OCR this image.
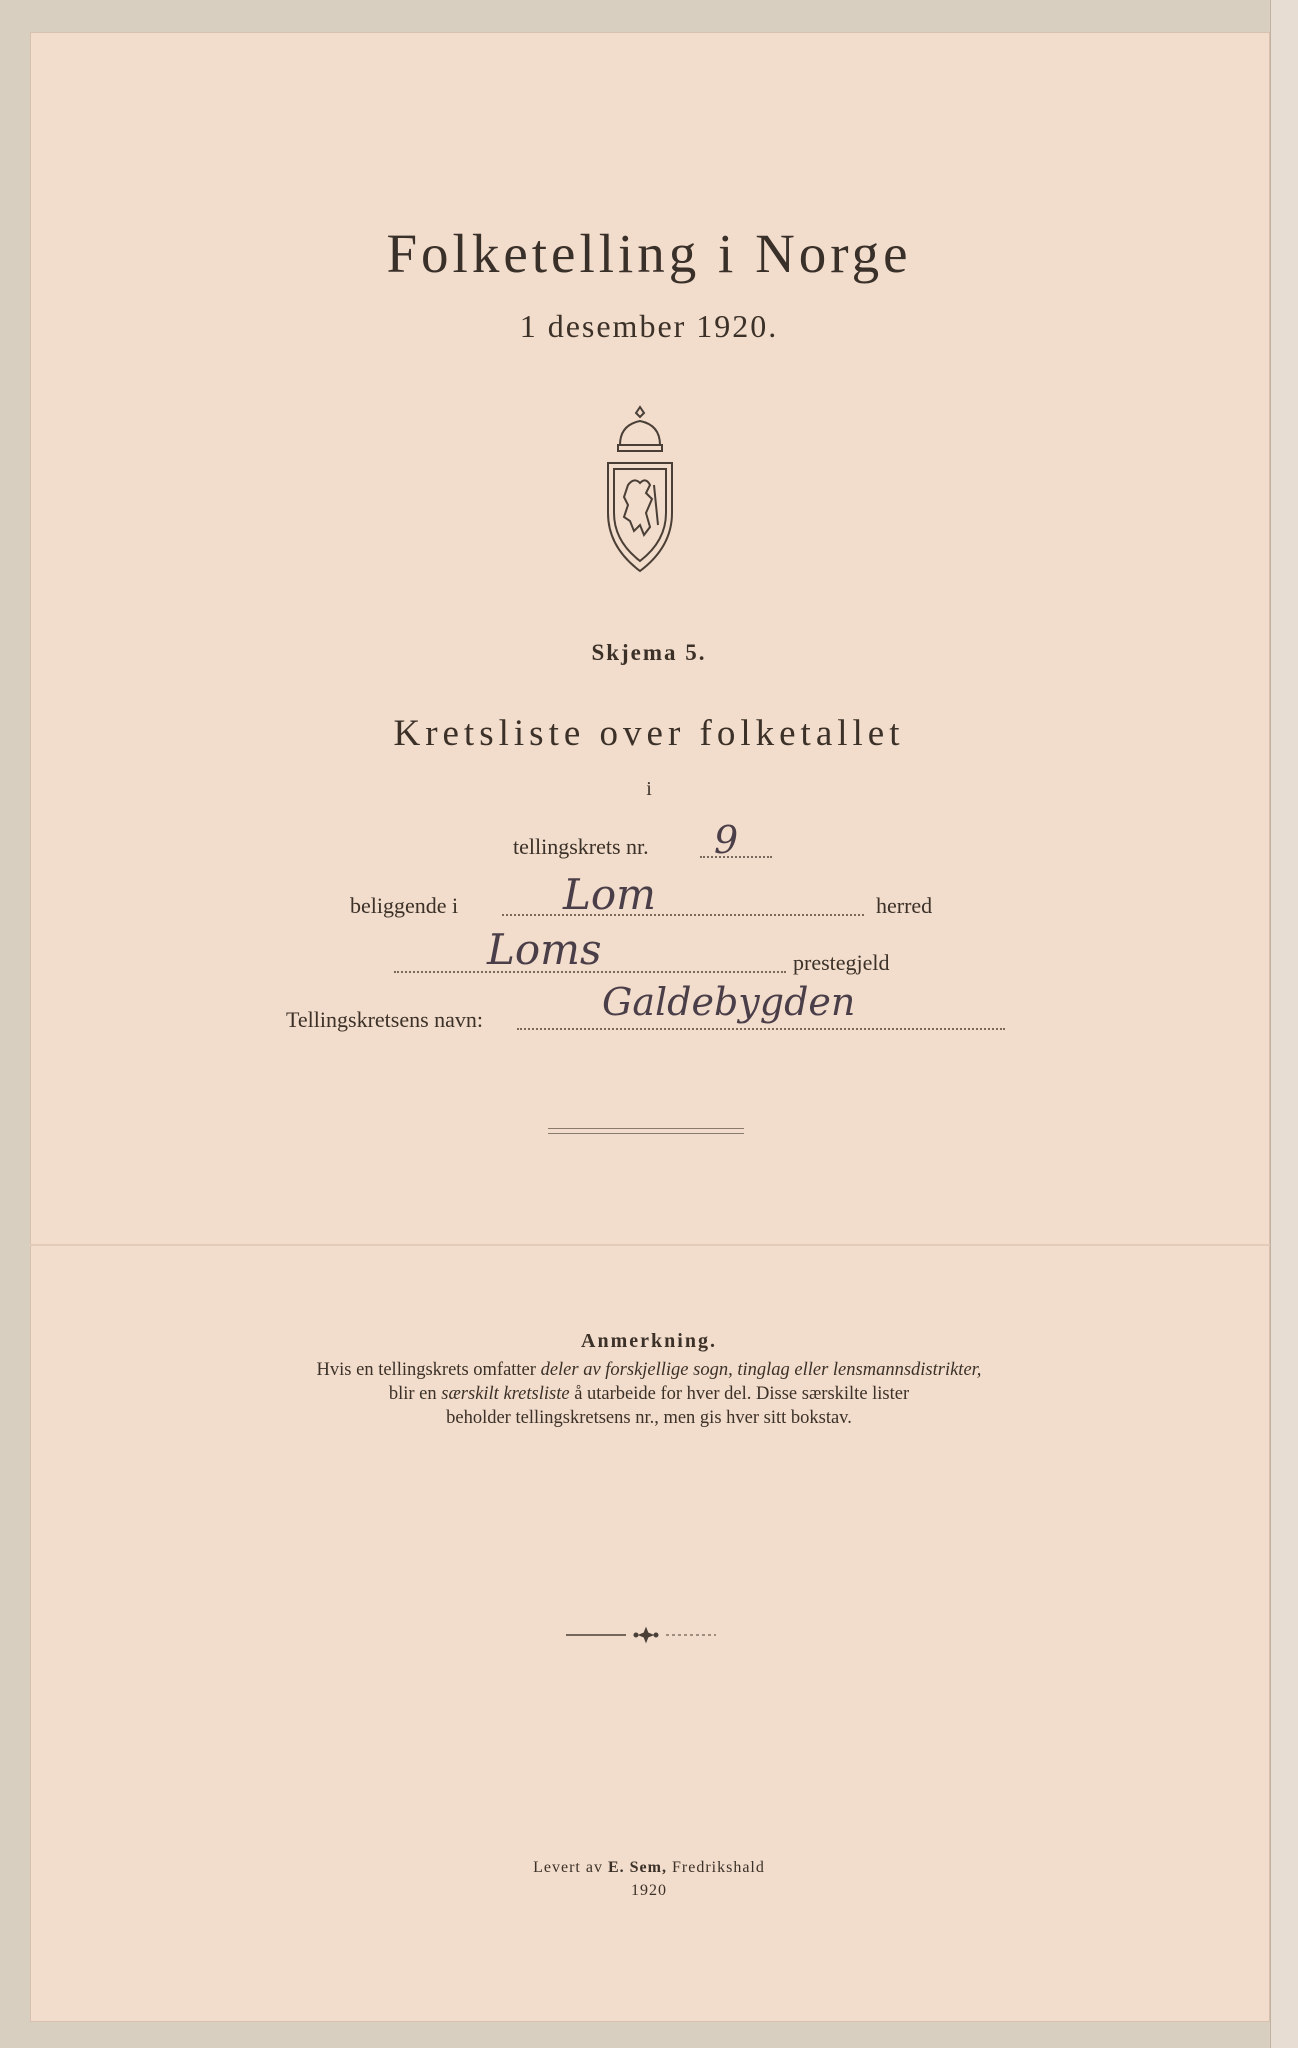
Folketelling i Norge
1 desember 1920.
Skjema 5.
Kretsliste over folketallet
i
tellingskrets nr. 9
beliggende i Lom	herred
Loms	prestegjeld
Tellingskretsens navn:	Galdebygden
Anmerkning.
Hvis en tellingskrets omfatter deler av forskjellige sogn, tinglag eller lensmannsdistrikter,
blir en særskilt kretsliste å utarbeide for hver del. Disse særskilte lister
beholder tellingskretsens nr., men gis hver sitt bokstav.
Levert av E. Sem, Fredrikshald
1920
